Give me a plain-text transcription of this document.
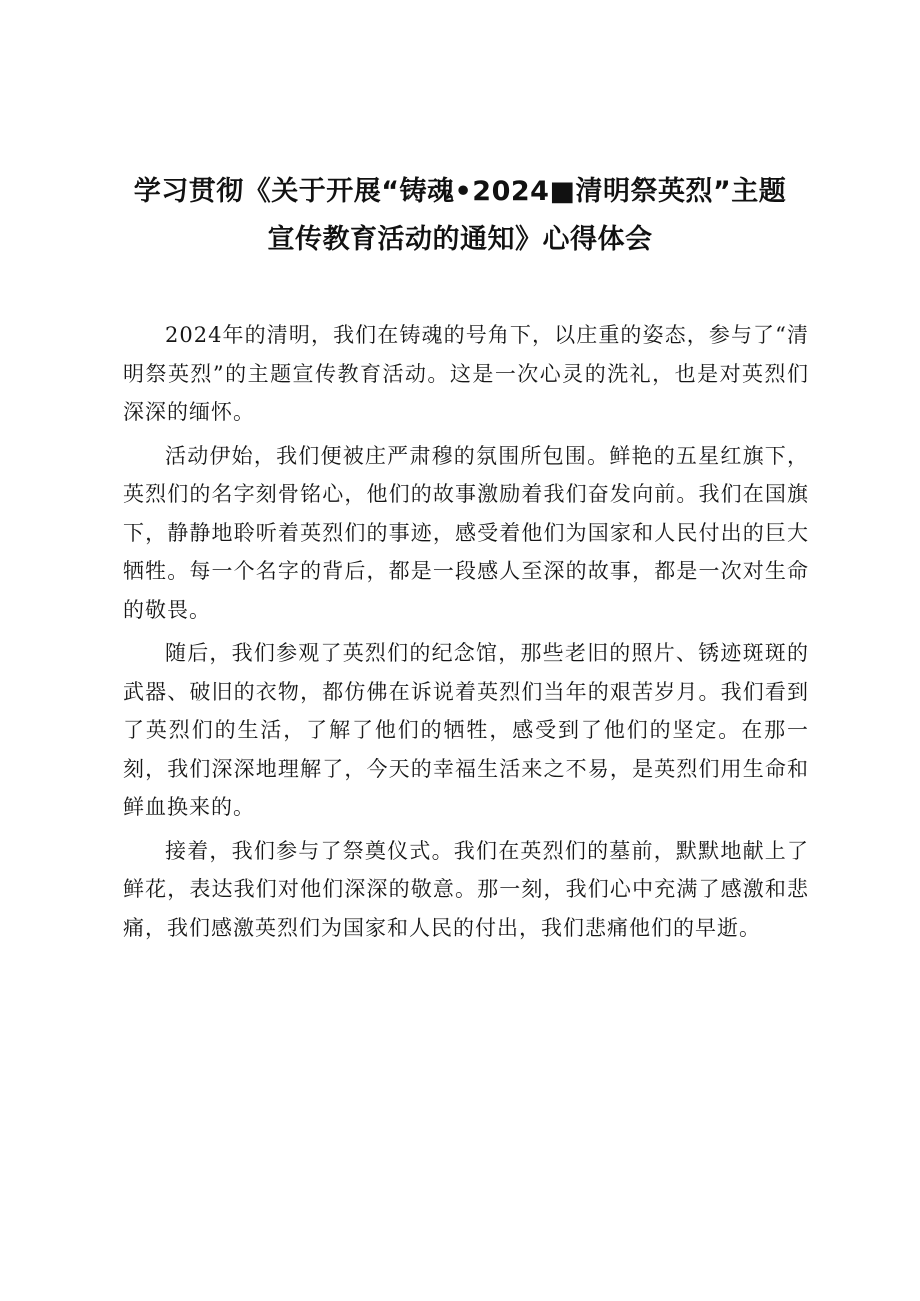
学习贯彻《关于开展“铸魂•2024■清明祭英烈”主题
宣传教育活动的通知》心得体会

2024年的清明，我们在铸魂的号角下，以庄重的姿态，参与了“清明祭英烈”的主题宣传教育活动。这是一次心灵的洗礼，也是对英烈们深深的缅怀。

活动伊始，我们便被庄严肃穆的氛围所包围。鲜艳的五星红旗下，英烈们的名字刻骨铭心，他们的故事激励着我们奋发向前。我们在国旗下，静静地聆听着英烈们的事迹，感受着他们为国家和人民付出的巨大牺牲。每一个名字的背后，都是一段感人至深的故事，都是一次对生命的敬畏。

随后，我们参观了英烈们的纪念馆，那些老旧的照片、锈迹斑斑的武器、破旧的衣物，都仿佛在诉说着英烈们当年的艰苦岁月。我们看到了英烈们的生活，了解了他们的牺牲，感受到了他们的坚定。在那一刻，我们深深地理解了，今天的幸福生活来之不易，是英烈们用生命和鲜血换来的。

接着，我们参与了祭奠仪式。我们在英烈们的墓前，默默地献上了鲜花，表达我们对他们深深的敬意。那一刻，我们心中充满了感激和悲痛，我们感激英烈们为国家和人民的付出，我们悲痛他们的早逝。
